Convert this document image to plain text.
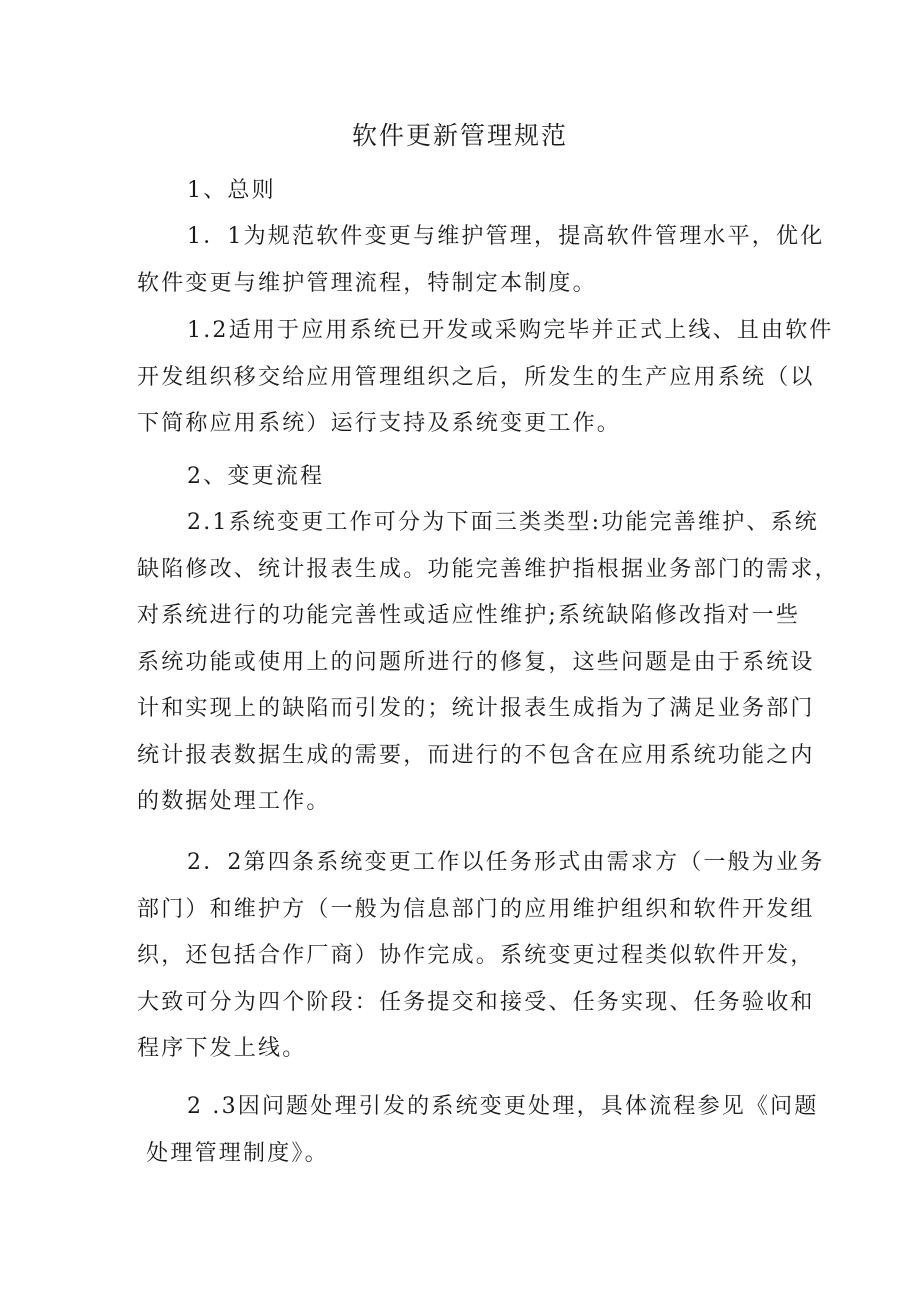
软件更新管理规范

1、总则

1．1为规范软件变更与维护管理，提高软件管理水平，优化
软件变更与维护管理流程，特制定本制度。

1.2适用于应用系统已开发或采购完毕并正式上线、且由软件
开发组织移交给应用管理组织之后，所发生的生产应用系统（以
下简称应用系统）运行支持及系统变更工作。

2、变更流程

2.1系统变更工作可分为下面三类类型:功能完善维护、系统
缺陷修改、统计报表生成。功能完善维护指根据业务部门的需求，
对系统进行的功能完善性或适应性维护;系统缺陷修改指对一些
系统功能或使用上的问题所进行的修复，这些问题是由于系统设
计和实现上的缺陷而引发的；统计报表生成指为了满足业务部门
统计报表数据生成的需要，而进行的不包含在应用系统功能之内
的数据处理工作。

2．2第四条系统变更工作以任务形式由需求方（一般为业务
部门）和维护方（一般为信息部门的应用维护组织和软件开发组
织，还包括合作厂商）协作完成。系统变更过程类似软件开发，
大致可分为四个阶段：任务提交和接受、任务实现、任务验收和
程序下发上线。

2 .3因问题处理引发的系统变更处理，具体流程参见《问题
处理管理制度》。
